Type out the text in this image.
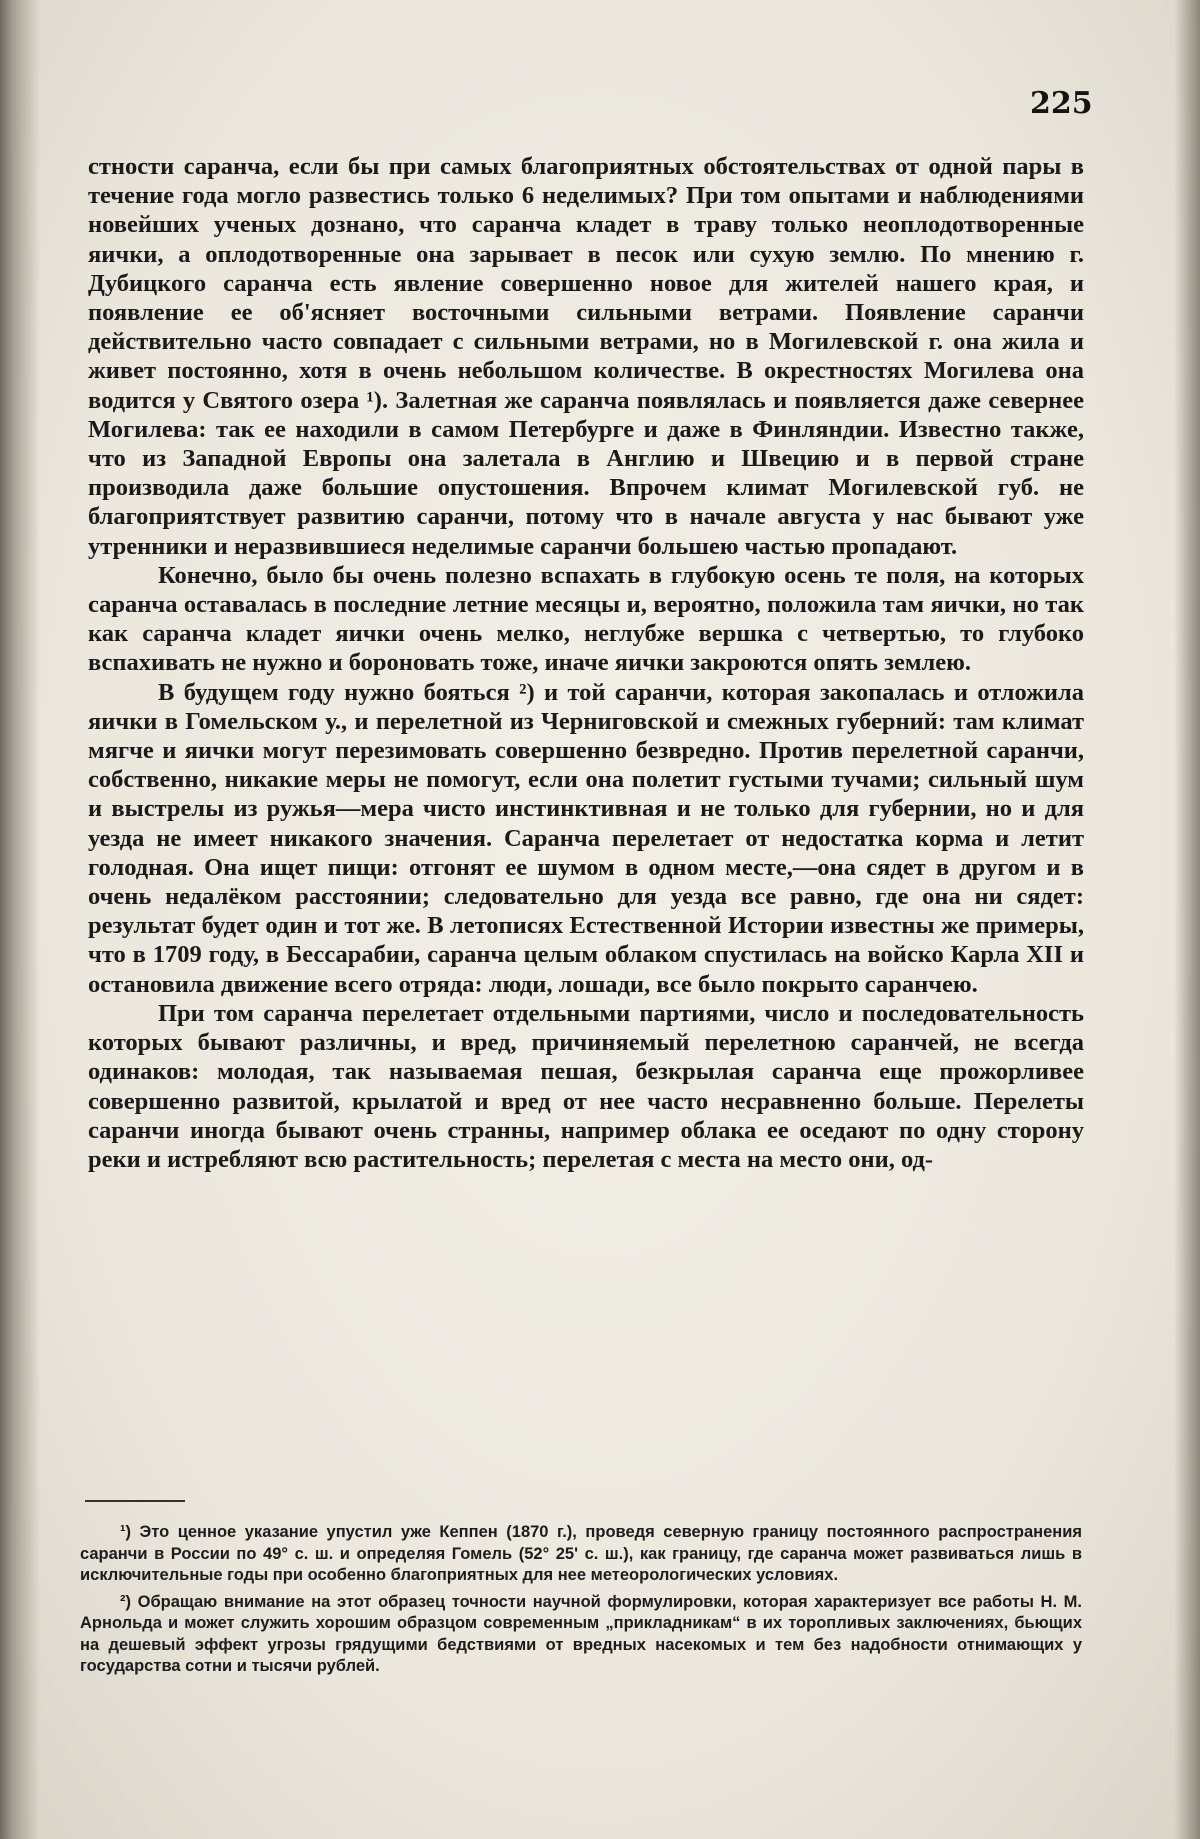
225

стности саранча, если бы при самых благоприятных обстоятельствах от одной пары в течение года могло развестись только 6 неделимых? При том опытами и наблюдениями новейших ученых дознано, что саранча кладет в траву только неоплодотворенные яички, а оплодотворенные она зарывает в песок или сухую землю. По мнению г. Дубицкого саранча есть явление совершенно новое для жителей нашего края, и появление ее об'ясняет восточными сильными ветрами. Появление саранчи действительно часто совпадает с сильными ветрами, но в Могилевской г. она жила и живет постоянно, хотя в очень небольшом количестве. В окрестностях Могилева она водится у Святого озера ¹). Залетная же саранча появлялась и появляется даже севернее Могилева: так ее находили в самом Петербурге и даже в Финляндии. Известно также, что из Западной Европы она залетала в Англию и Швецию и в первой стране производила даже большие опустошения. Впрочем климат Могилевской губ. не благоприятствует развитию саранчи, потому что в начале августа у нас бывают уже утренники и неразвившиеся неделимые саранчи большею частью пропадают.

Конечно, было бы очень полезно вспахать в глубокую осень те поля, на которых саранча оставалась в последние летние месяцы и, вероятно, положила там яички, но так как саранча кладет яички очень мелко, неглубже вершка с четвертью, то глубоко вспахивать не нужно и бороновать тоже, иначе яички закроются опять землею.

В будущем году нужно бояться ²) и той саранчи, которая закопалась и отложила яички в Гомельском у., и перелетной из Черниговской и смежных губерний: там климат мягче и яички могут перезимовать совершенно безвредно. Против перелетной саранчи, собственно, никакие меры не помогут, если она полетит густыми тучами; сильный шум и выстрелы из ружья—мера чисто инстинктивная и не только для губернии, но и для уезда не имеет никакого значения. Саранча перелетает от недостатка корма и летит голодная. Она ищет пищи: отгонят ее шумом в одном месте,—она сядет в другом и в очень недалёком расстоянии; следовательно для уезда все равно, где она ни сядет: результат будет один и тот же. В летописях Естественной Истории известны же примеры, что в 1709 году, в Бессарабии, саранча целым облаком спустилась на войско Карла XII и остановила движение всего отряда: люди, лошади, все было покрыто саранчею.

При том саранча перелетает отдельными партиями, число и последовательность которых бывают различны, и вред, причиняемый перелетною саранчей, не всегда одинаков: молодая, так называемая пешая, безкрылая саранча еще прожорливее совершенно развитой, крылатой и вред от нее часто несравненно больше. Перелеты саранчи иногда бывают очень странны, например облака ее оседают по одну сторону реки и истребляют всю растительность; перелетая с места на место они, од-

¹) Это ценное указание упустил уже Кеппен (1870 г.), проведя северную границу постоянного распространения саранчи в России по 49° с. ш. и определяя Гомель (52° 25' с. ш.), как границу, где саранча может развиваться лишь в исключительные годы при особенно благоприятных для нее метеорологических условиях.

²) Обращаю внимание на этот образец точности научной формулировки, которая характеризует все работы Н. М. Арнольда и может служить хорошим образцом современным „прикладникам“ в их торопливых заключениях, бьющих на дешевый эффект угрозы грядущими бедствиями от вредных насекомых и тем без надобности отнимающих у государства сотни и тысячи рублей.
